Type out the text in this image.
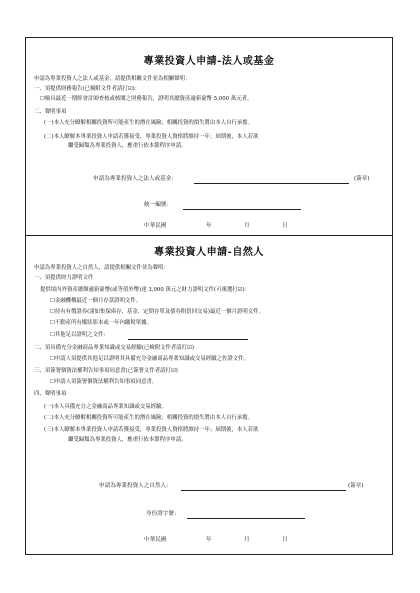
專業投資人申請-法人或基金
申請為專業投資人之法人或基金，請提供相關文件並為相關聲明：
一、須提供財務報告(已檢附文件者請打☑)：
☐檢具最近一期經會計師查核或核閱之財務報告，證明其總資產逾新臺幣 5,000 萬元者。
二、聲明事項
(一)本人充分瞭解相關投資所可能產生的潛在風險；相關投資的損失將由本人自行承擔。
(二)本人瞭解本專業投資人申請若獲接受，專業投資人資格將維持一年；屆期後，本人若欲
繼受歸類為專業投資人，應重行依本節程序申請。
申請為專業投資人之法人或基金：	(簽章)
統一編號：
中華民國	年	月	日
專業投資人申請-自然人
申請為專業投資人之自然人，請提供相關文件並為聲明：
一、須提供財力證明文件
提供境內外資產總額逾新臺幣(或等值外幣)達 3,000 萬元之財力證明文件(可複選打☑)：
☐金融機構最近一個月存款證明文件。
☐持有有價證券(諸如集保庫存、基金、定期存單及債券附買回交易)最近一個月證明文件。
☐不動產所有權狀影本或一年內繳稅單據。
☐其他足以證明之文件：
二、須具備充分金融商品專業知識或交易經驗(已檢附文件者請打☑)
☐申請人須提供其他足以證明其具備充分金融商品專業知識或交易經驗之佐證文件。
三、須簽署個資法權利告知事項同意書(已簽署文件者請打☑)
☐申請人須簽署個資法權利告知事項同意書。
四、聲明事項
(一)本人具備充分之金融商品專業知識或交易經驗。
(二)本人充分瞭解相關投資所可能產生的潛在風險；相關投資的損失將由本人自行承擔。
(三)本人瞭解本專業投資人申請若獲接受，專業投資人資格將維持一年；屆期後，本人若欲
繼受歸類為專業投資人，應重行依本節程序申請。
申請為專業投資人之自然人：	(簽章)
身份證字號：
中華民國	年	月	日
